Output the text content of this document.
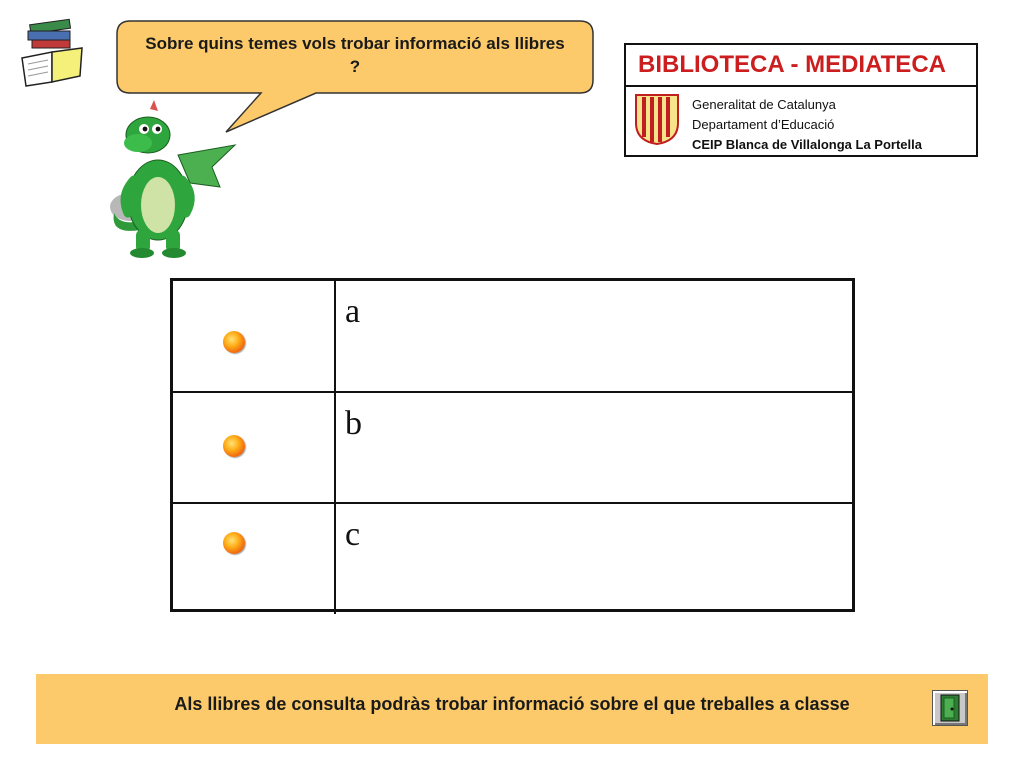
Sobre quins temes vols trobar informació als llibres ?	BIBLIOTECA - MEDIATECA
Generalitat de Catalunya
Departament d’Educació
CEIP Blanca de Villalonga La Portella
a
b
c
Als llibres de consulta podràs trobar informació sobre el que treballes a classe
